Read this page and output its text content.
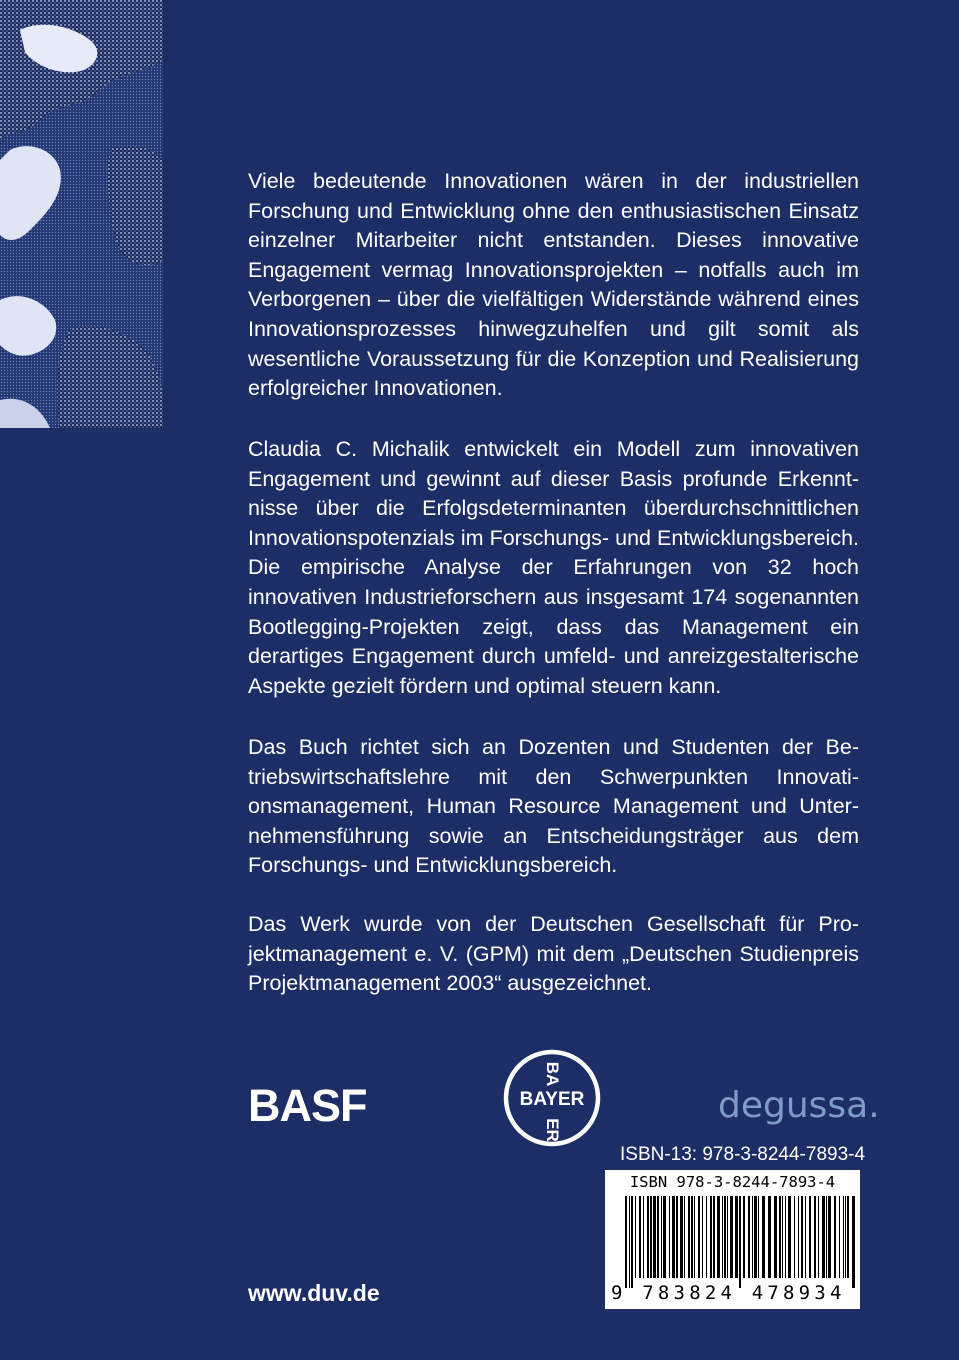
Viele bedeutende Innovationen wären in der industriellen Forschung und Entwicklung ohne den enthusiastischen Einsatz einzelner Mitarbeiter nicht entstanden. Dieses innovative Engagement vermag Innovationsprojekten – notfalls auch im Verborgenen – über die vielfältigen Widerstände während eines Innovationsprozesses hinwegzuhelfen und gilt somit als wesentliche Voraussetzung für die Konzeption und Realisierung erfolgreicher Innovationen.

Claudia C. Michalik entwickelt ein Modell zum innovativen Engagement und gewinnt auf dieser Basis profunde Erkenntnisse über die Erfolgsdeterminanten überdurchschnittlichen Innovationspotenzials im Forschungs- und Entwicklungsbereich. Die empirische Analyse der Erfahrungen von 32 hoch innovativen Industrieforschern aus insgesamt 174 sogenannten Bootlegging-Projekten zeigt, dass das Management ein derartiges Engagement durch umfeld- und anreizgestalterische Aspekte gezielt fördern und optimal steuern kann.

Das Buch richtet sich an Dozenten und Studenten der Betriebswirtschaftslehre mit den Schwerpunkten Innovationsmanagement, Human Resource Management und Unternehmensführung sowie an Entscheidungsträger aus dem Forschungs- und Entwicklungsbereich.

Das Werk wurde von der Deutschen Gesellschaft für Projektmanagement e. V. (GPM) mit dem „Deutschen Studienpreis Projektmanagement 2003“ ausgezeichnet.

BASF	BAYER
BA
ER
degussa.
ISBN-13: 978-3-8244-7893-4
ISBN 978-3-8244-7893-4
9 783824 478934
www.duv.de
